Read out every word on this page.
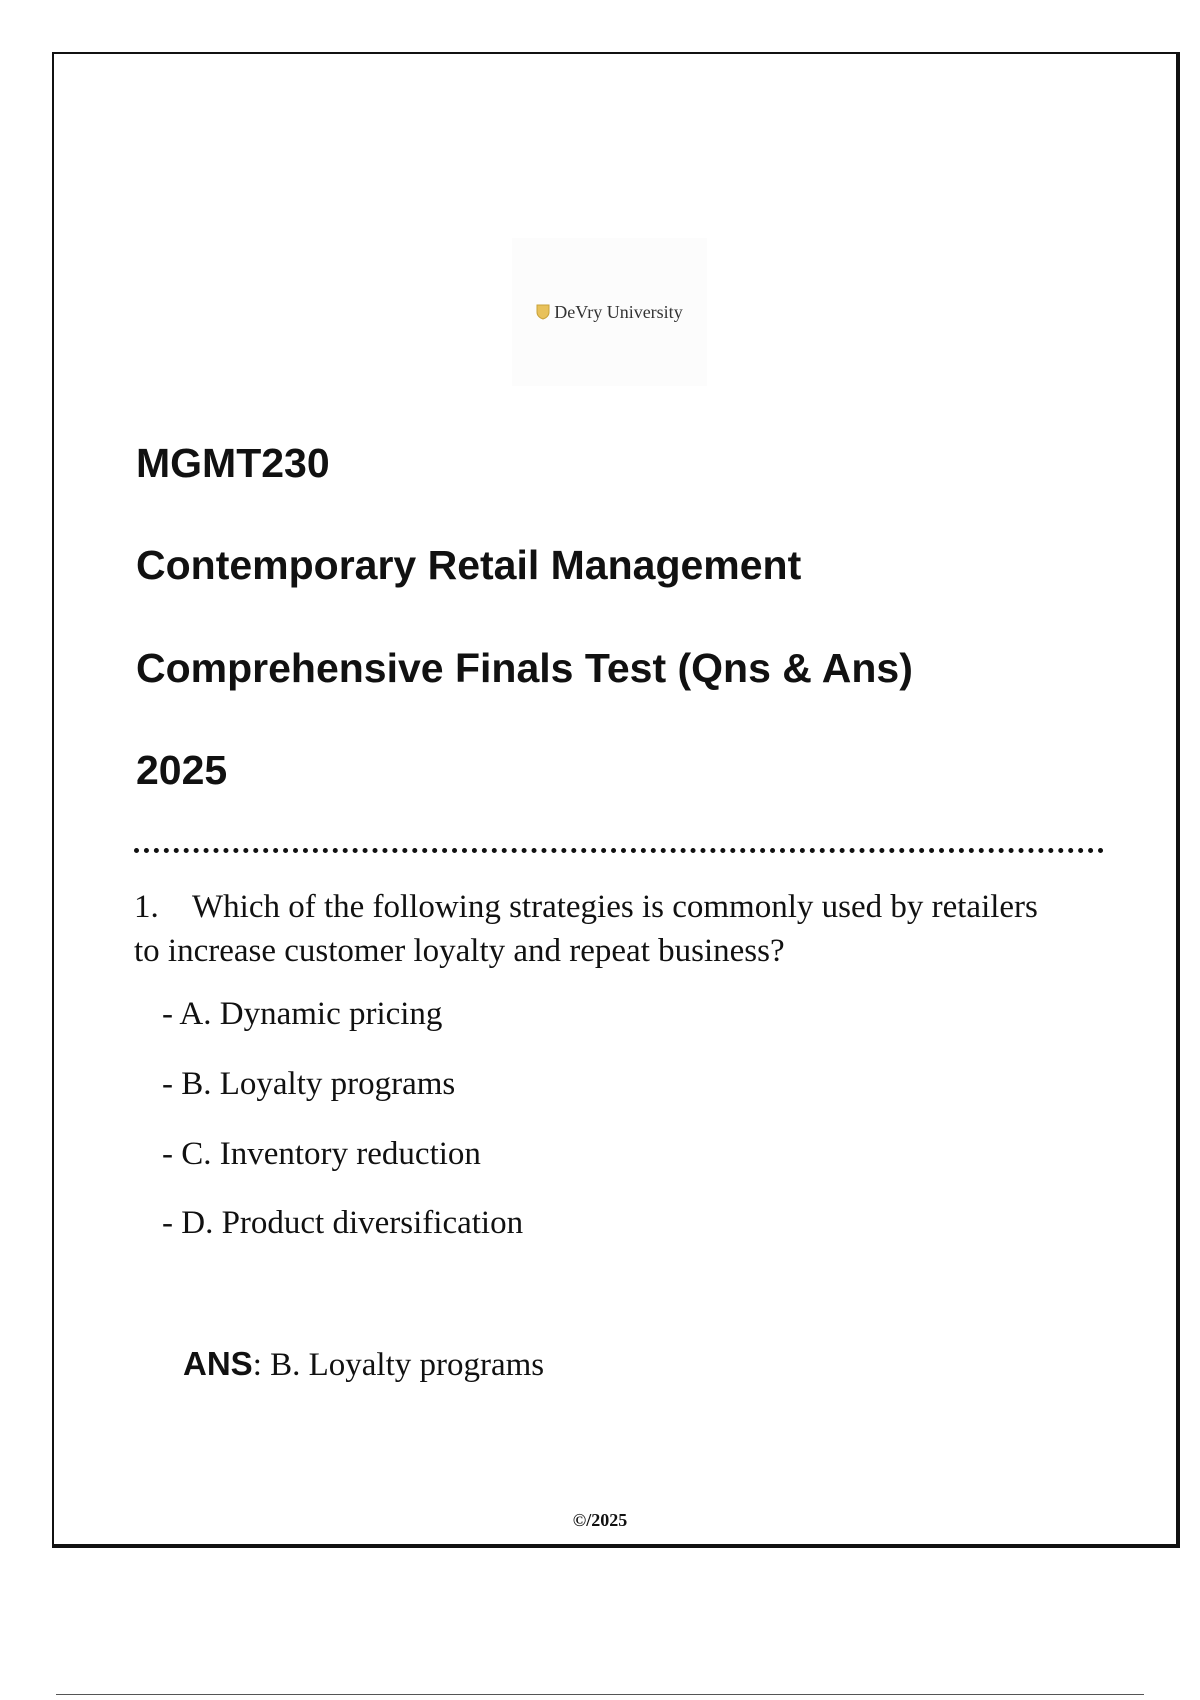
DeVry University
MGMT230
Contemporary Retail Management
Comprehensive Finals Test (Qns & Ans)
2025

1. Which of the following strategies is commonly used by retailers to increase customer loyalty and repeat business?

- A. Dynamic pricing

- B. Loyalty programs

- C. Inventory reduction

- D. Product diversification

ANS: B. Loyalty programs

©/2025
